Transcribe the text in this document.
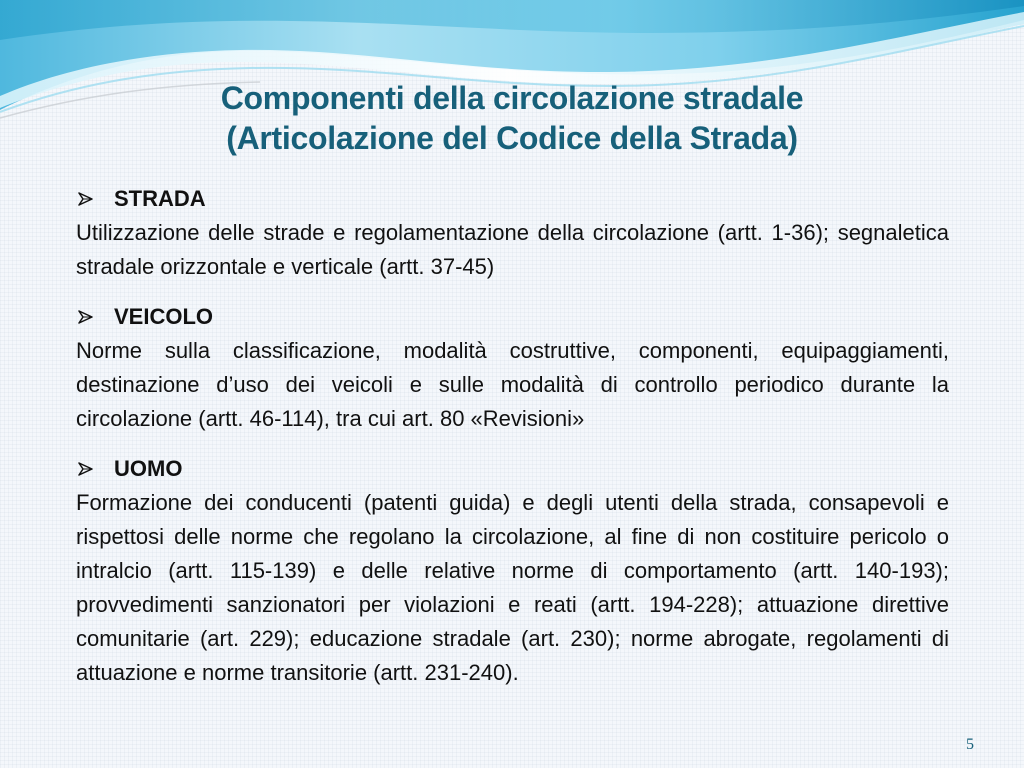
Componenti della circolazione stradale
(Articolazione del Codice della Strada)
STRADA
Utilizzazione delle strade e regolamentazione della circolazione (artt. 1-36); segnaletica stradale orizzontale e verticale (artt. 37-45)
VEICOLO
Norme sulla classificazione, modalità costruttive, componenti, equipaggiamenti, destinazione d’uso dei veicoli e sulle modalità di controllo periodico durante la circolazione (artt. 46-114), tra cui art. 80 «Revisioni»
UOMO
Formazione dei conducenti (patenti guida) e degli utenti della strada, consapevoli e rispettosi delle norme che regolano la circolazione, al fine di non costituire pericolo o intralcio (artt. 115-139) e delle relative norme di comportamento (artt. 140-193); provvedimenti sanzionatori per violazioni e reati (artt. 194-228); attuazione direttive comunitarie (art. 229); educazione stradale (art. 230); norme abrogate, regolamenti di attuazione e norme transitorie (artt. 231-240).
5
